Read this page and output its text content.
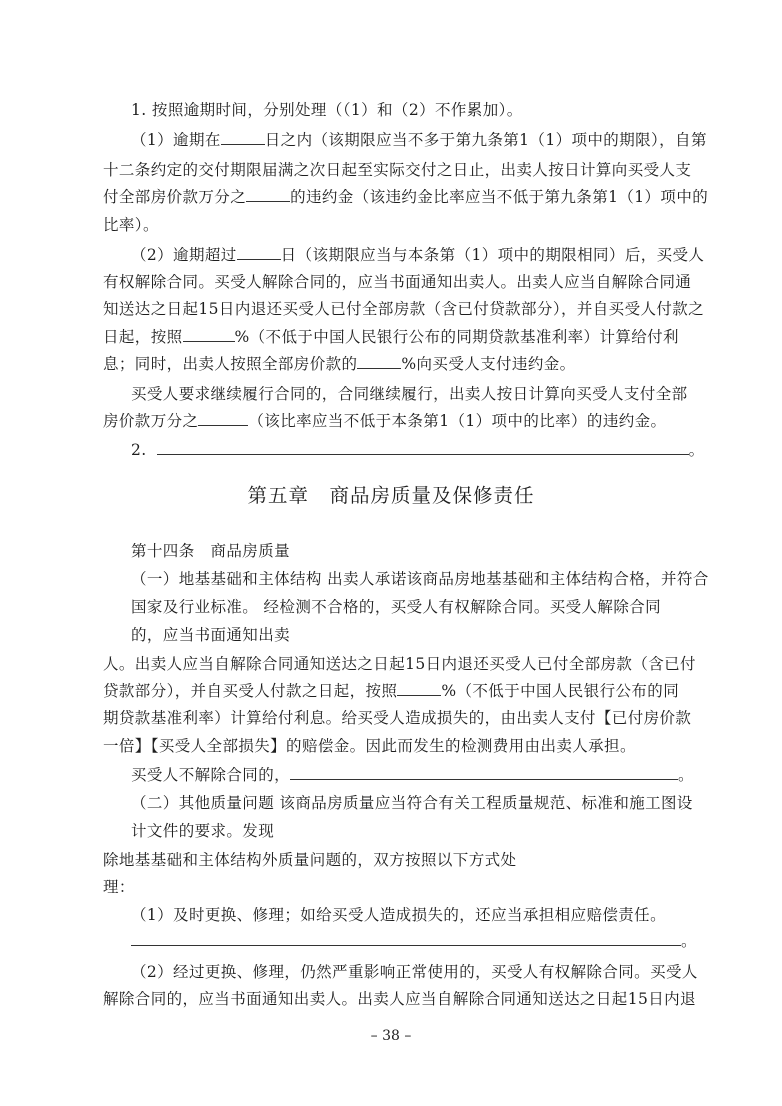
1. 按照逾期时间，分别处理（（1）和（2）不作累加）。
（1）逾期在	日之内（该期限应当不多于第九条第1（1）项中的期限），自第
十二条约定的交付期限届满之次日起至实际交付之日止，出卖人按日计算向买受人支
付全部房价款万分之	的违约金（该违约金比率应当不低于第九条第1（1）项中的
比率）。
（2）逾期超过	日（该期限应当与本条第（1）项中的期限相同）后，买受人
有权解除合同。买受人解除合同的，应当书面通知出卖人。出卖人应当自解除合同通
知送达之日起15日内退还买受人已付全部房款（含已付贷款部分），并自买受人付款之
日起，按照	%（不低于中国人民银行公布的同期贷款基准利率）计算给付利
息；同时，出卖人按照全部房价款的	%向买受人支付违约金。
买受人要求继续履行合同的，合同继续履行，出卖人按日计算向买受人支付全部
房价款万分之	（该比率应当不低于本条第1（1）项中的比率）的违约金。
2.	。
第五章　商品房质量及保修责任
第十四条　商品房质量
（一）地基基础和主体结构 出卖人承诺该商品房地基基础和主体结构合格，并符合
国家及行业标准。 经检测不合格的，买受人有权解除合同。买受人解除合同
的，应当书面通知出卖
人。出卖人应当自解除合同通知送达之日起15日内退还买受人已付全部房款（含已付
贷款部分），并自买受人付款之日起，按照	%（不低于中国人民银行公布的同
期贷款基准利率）计算给付利息。给买受人造成损失的，由出卖人支付【已付房价款
一倍】【买受人全部损失】的赔偿金。因此而发生的检测费用由出卖人承担。
买受人不解除合同的，	。
（二）其他质量问题 该商品房质量应当符合有关工程质量规范、标准和施工图设
计文件的要求。发现
除地基基础和主体结构外质量问题的，双方按照以下方式处
理：
（1）及时更换、修理；如给买受人造成损失的，还应当承担相应赔偿责任。
。
（2）经过更换、修理，仍然严重影响正常使用的，买受人有权解除合同。买受人
解除合同的，应当书面通知出卖人。出卖人应当自解除合同通知送达之日起15日内退
– 38 –
